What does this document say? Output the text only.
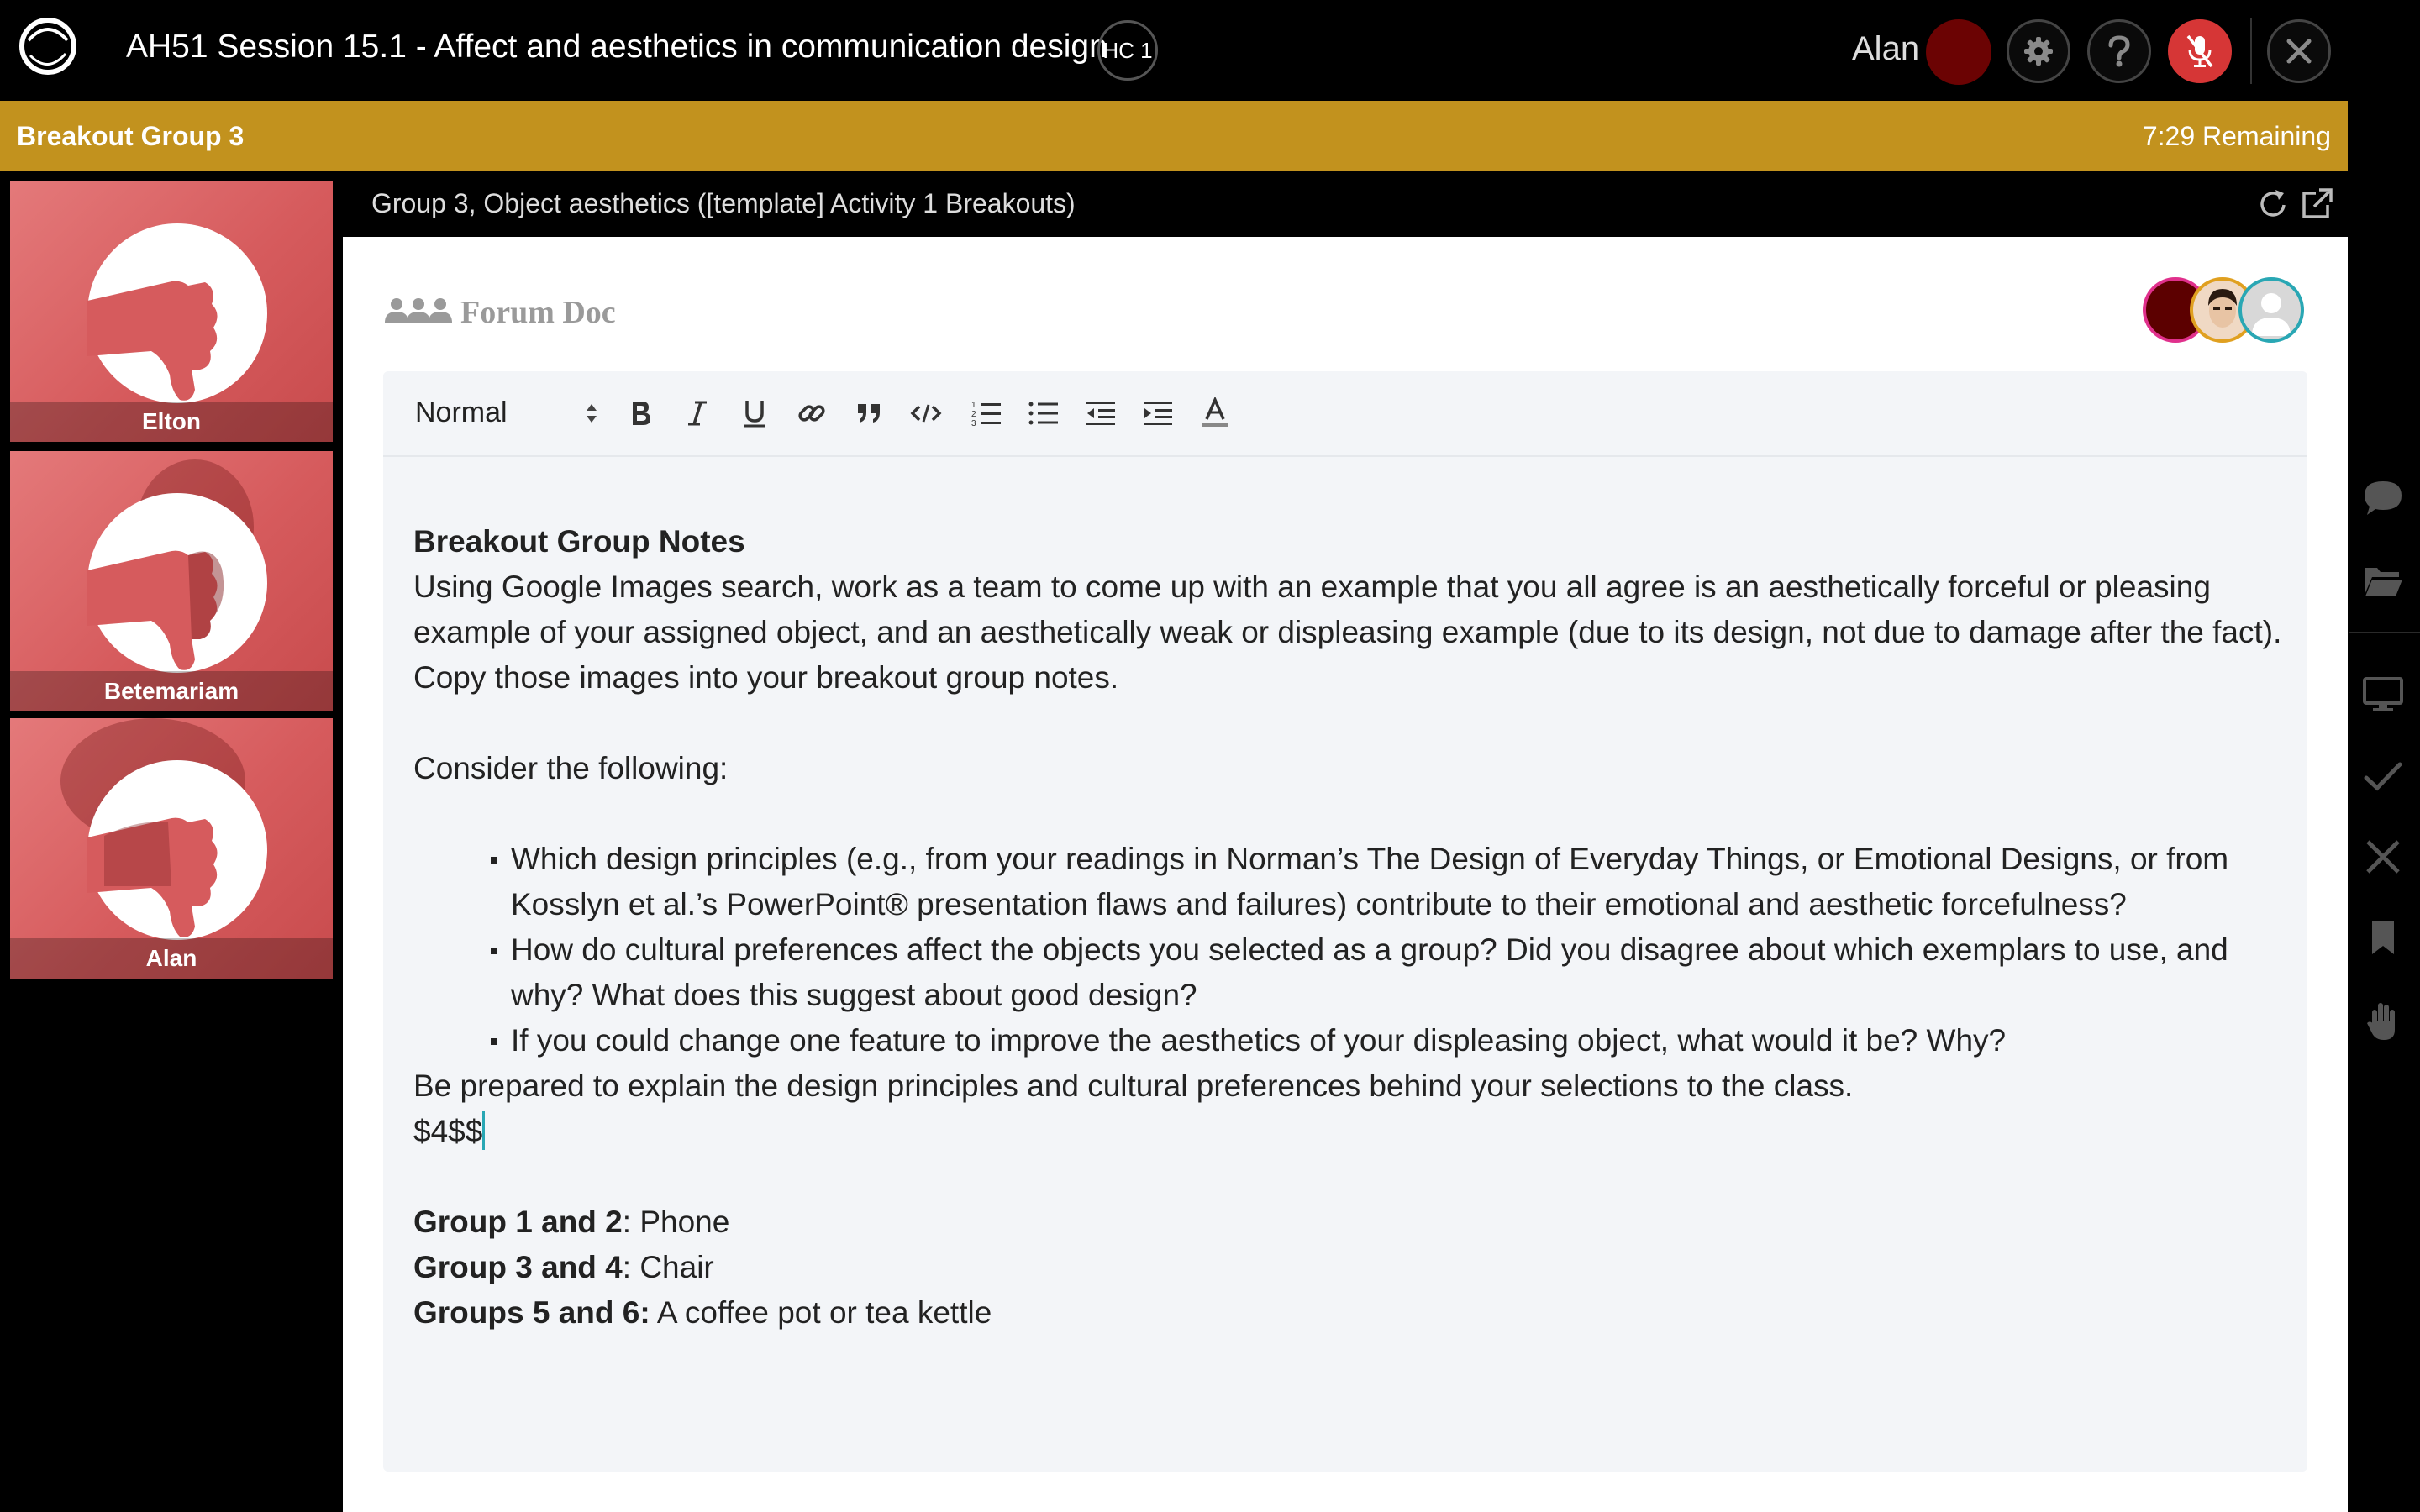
AH51 Session 15.1 - Affect and aesthetics in communication design
HC 1	Alan
Breakout Group 3	7:29 Remaining
Elton
Betemariam
Alan
Group 3, Object aesthetics ([template] Activity 1 Breakouts)
Forum Doc
Normal	1
2
3

Breakout Group Notes

Using Google Images search, work as a team to come up with an example that you all agree is an aesthetically forceful or pleasing example of your assigned object, and an aesthetically weak or displeasing example (due to its design, not due to damage after the fact). Copy those images into your breakout group notes.

Consider the following:

Which design principles (e.g., from your readings in Norman’s The Design of Everyday Things, or Emotional Designs, or from Kosslyn et al.’s PowerPoint® presentation flaws and failures) contribute to their emotional and aesthetic forcefulness?
How do cultural preferences affect the objects you selected as a group? Did you disagree about which exemplars to use, and why? What does this suggest about good design?
If you could change one feature to improve the aesthetics of your displeasing object, what would it be? Why?

Be prepared to explain the design principles and cultural preferences behind your selections to the class.

$4$$

Group 1 and 2: Phone

Group 3 and 4: Chair

Groups 5 and 6: A coffee pot or tea kettle
